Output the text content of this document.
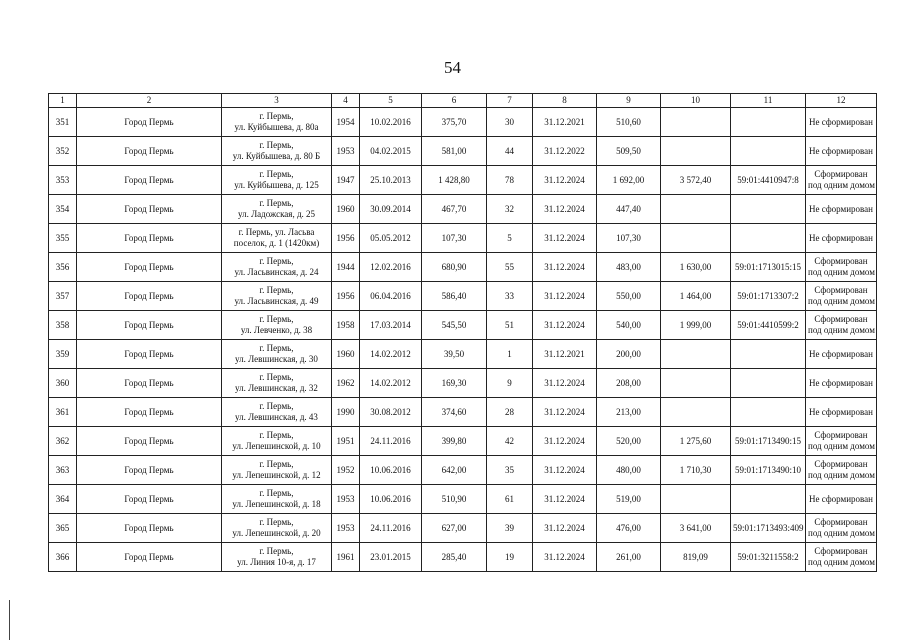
54
1	2	3	4	5	6	7	8	9	10	11	12
351	Город Пермь	г. Пермь,
ул. Куйбышева, д. 80а	1954	10.02.2016	375,70	30	31.12.2021	510,60			Не сформирован

352	Город Пермь	г. Пермь,
ул. Куйбышева, д. 80 Б	1953	04.02.2015	581,00	44	31.12.2022	509,50			Не сформирован

353	Город Пермь	г. Пермь,
ул. Куйбышева, д. 125	1947	25.10.2013	1 428,80	78	31.12.2024	1 692,00	3 572,40	59:01:4410947:8	Сформирован
под одним домом

354	Город Пермь	г. Пермь,
ул. Ладожская, д. 25	1960	30.09.2014	467,70	32	31.12.2024	447,40			Не сформирован

355	Город Пермь	г. Пермь, ул. Ласьва
поселок, д. 1 (1420км)	1956	05.05.2012	107,30	5	31.12.2024	107,30			Не сформирован

356	Город Пермь	г. Пермь,
ул. Ласьвинская, д. 24	1944	12.02.2016	680,90	55	31.12.2024	483,00	1 630,00	59:01:1713015:15	Сформирован
под одним домом

357	Город Пермь	г. Пермь,
ул. Ласьвинская, д. 49	1956	06.04.2016	586,40	33	31.12.2024	550,00	1 464,00	59:01:1713307:2	Сформирован
под одним домом

358	Город Пермь	г. Пермь,
ул. Левченко, д. 38	1958	17.03.2014	545,50	51	31.12.2024	540,00	1 999,00	59:01:4410599:2	Сформирован
под одним домом

359	Город Пермь	г. Пермь,
ул. Левшинская, д. 30	1960	14.02.2012	39,50	1	31.12.2021	200,00			Не сформирован

360	Город Пермь	г. Пермь,
ул. Левшинская, д. 32	1962	14.02.2012	169,30	9	31.12.2024	208,00			Не сформирован

361	Город Пермь	г. Пермь,
ул. Левшинская, д. 43	1990	30.08.2012	374,60	28	31.12.2024	213,00			Не сформирован

362	Город Пермь	г. Пермь,
ул. Лепешинской, д. 10	1951	24.11.2016	399,80	42	31.12.2024	520,00	1 275,60	59:01:1713490:15	Сформирован
под одним домом

363	Город Пермь	г. Пермь,
ул. Лепешинской, д. 12	1952	10.06.2016	642,00	35	31.12.2024	480,00	1 710,30	59:01:1713490:10	Сформирован
под одним домом

364	Город Пермь	г. Пермь,
ул. Лепешинской, д. 18	1953	10.06.2016	510,90	61	31.12.2024	519,00			Не сформирован

365	Город Пермь	г. Пермь,
ул. Лепешинской, д. 20	1953	24.11.2016	627,00	39	31.12.2024	476,00	3 641,00	59:01:1713493:409	Сформирован
под одним домом

366	Город Пермь	г. Пермь,
ул. Линия 10-я, д. 17	1961	23.01.2015	285,40	19	31.12.2024	261,00	819,09	59:01:3211558:2	Сформирован
под одним домом
